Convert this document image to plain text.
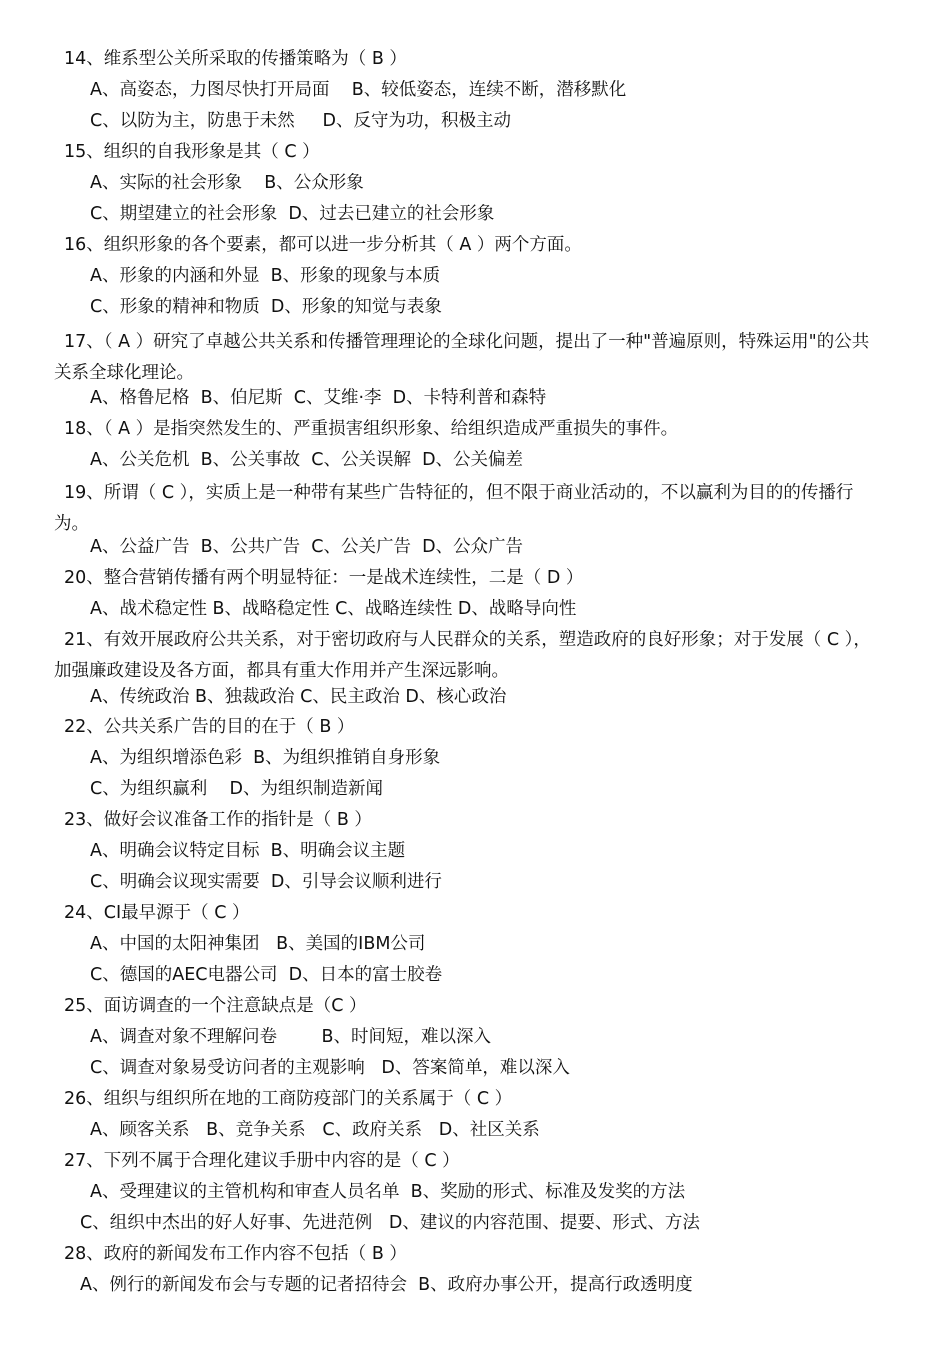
14、维系型公关所采取的传播策略为（ B ）
A、高姿态，力图尽快打开局面    B、较低姿态，连续不断，潜移默化
C、以防为主，防患于未然     D、反守为功，积极主动
15、组织的自我形象是其（ C ）
A、实际的社会形象    B、公众形象
C、期望建立的社会形象  D、过去已建立的社会形象
16、组织形象的各个要素，都可以进一步分析其（ A ）两个方面。
A、形象的内涵和外显  B、形象的现象与本质
C、形象的精神和物质  D、形象的知觉与表象
17、（ A ）研究了卓越公共关系和传播管理理论的全球化问题，提出了一种"普遍原则，特殊运用"的公共关系全球化理论。
A、格鲁尼格  B、伯尼斯  C、艾维·李  D、卡特利普和森特
18、（ A ）是指突然发生的、严重损害组织形象、给组织造成严重损失的事件。
A、公关危机  B、公关事故  C、公关误解  D、公关偏差
19、所谓（ C ），实质上是一种带有某些广告特征的，但不限于商业活动的，不以赢利为目的的传播行为。
A、公益广告  B、公共广告  C、公关广告  D、公众广告
20、整合营销传播有两个明显特征：一是战术连续性，二是（ D ）
A、战术稳定性 B、战略稳定性 C、战略连续性 D、战略导向性
21、有效开展政府公共关系，对于密切政府与人民群众的关系，塑造政府的良好形象；对于发展（ C ），加强廉政建设及各方面，都具有重大作用并产生深远影响。
A、传统政治 B、独裁政治 C、民主政治 D、核心政治
22、公共关系广告的目的在于（ B ）
A、为组织增添色彩  B、为组织推销自身形象
C、为组织赢利    D、为组织制造新闻
23、做好会议准备工作的指针是（ B ）
A、明确会议特定目标  B、明确会议主题
C、明确会议现实需要  D、引导会议顺利进行
24、CI最早源于（ C ）
A、中国的太阳神集团   B、美国的IBM公司
C、德国的AEC电器公司  D、日本的富士胶卷
25、面访调查的一个注意缺点是（C ）
A、调查对象不理解问卷        B、时间短，难以深入
C、调查对象易受访问者的主观影响   D、答案简单，难以深入
26、组织与组织所在地的工商防疫部门的关系属于（ C ）
A、顾客关系   B、竞争关系   C、政府关系   D、社区关系
27、下列不属于合理化建议手册中内容的是（ C ）
A、受理建议的主管机构和审查人员名单  B、奖励的形式、标准及发奖的方法
C、组织中杰出的好人好事、先进范例   D、建议的内容范围、提要、形式、方法
28、政府的新闻发布工作内容不包括（ B ）
A、例行的新闻发布会与专题的记者招待会  B、政府办事公开，提高行政透明度
